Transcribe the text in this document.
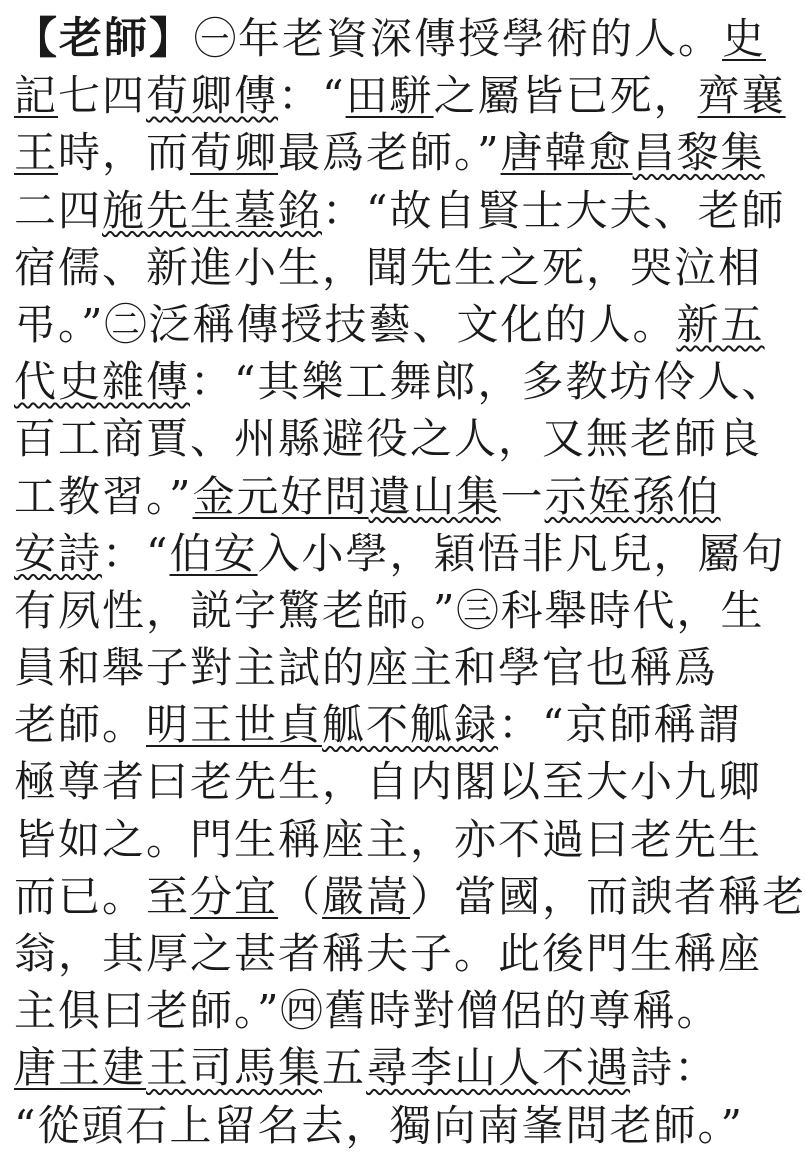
【老師】㊀年老資深傳授學術的人。史
記七四荀卿傳：“田駢之屬皆已死，齊襄
王時，而荀卿最爲老師。”唐韓愈昌黎集
二四施先生墓銘：“故自賢士大夫、老師
宿儒、新進小生，聞先生之死，哭泣相
弔。”㊁泛稱傳授技藝、文化的人。新五
代史雜傳：“其樂工舞郎，多教坊伶人、
百工商賈、州縣避役之人，又無老師良
工教習。”金元好問遺山集一示姪孫伯
安詩：“伯安入小學，穎悟非凡兒，屬句
有夙性，説字驚老師。”㊂科舉時代，生
員和舉子對主試的座主和學官也稱爲
老師。明王世貞觚不觚録：“京師稱謂
極尊者曰老先生，自内閣以至大小九卿
皆如之。門生稱座主，亦不過曰老先生
而已。至分宜（嚴嵩）當國，而諛者稱老
翁，其厚之甚者稱夫子。此後門生稱座
主俱曰老師。”㊃舊時對僧侶的尊稱。
唐王建王司馬集五尋李山人不遇詩：
“從頭石上留名去，獨向南峯問老師。”
